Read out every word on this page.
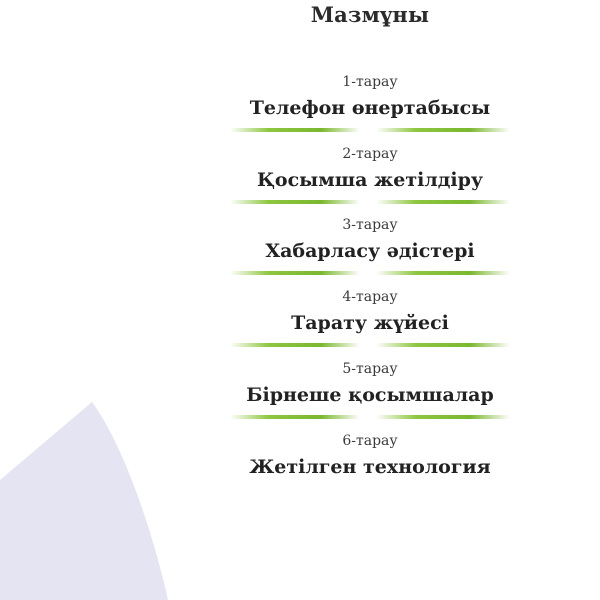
Мазмұны
1-тарау
Телефон өнертабысы
2-тарау
Қосымша жетілдіру
3-тарау
Хабарласу әдістері
4-тарау
Тарату жүйесі
5-тарау
Бірнеше қосымшалар
6-тарау
Жетілген технология
